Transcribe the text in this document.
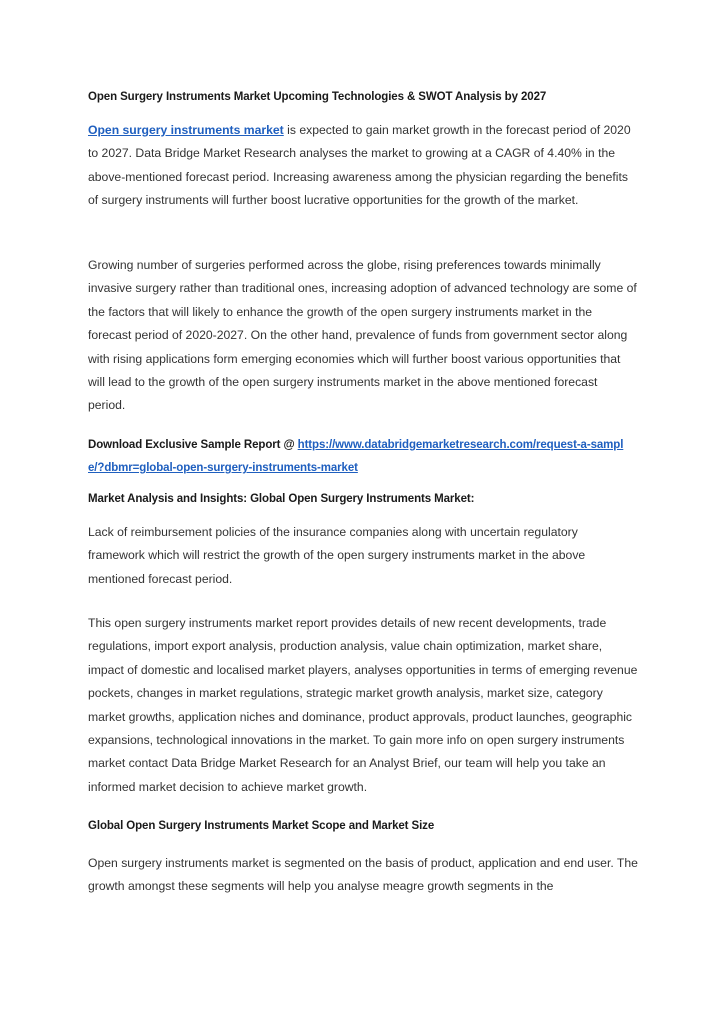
Open Surgery Instruments Market Upcoming Technologies & SWOT Analysis by 2027

Open surgery instruments market is expected to gain market growth in the forecast period of 2020 to 2027. Data Bridge Market Research analyses the market to growing at a CAGR of 4.40% in the above-mentioned forecast period. Increasing awareness among the physician regarding the benefits of surgery instruments will further boost lucrative opportunities for the growth of the market.

Growing number of surgeries performed across the globe, rising preferences towards minimally invasive surgery rather than traditional ones, increasing adoption of advanced technology are some of the factors that will likely to enhance the growth of the open surgery instruments market in the forecast period of 2020-2027. On the other hand, prevalence of funds from government sector along with rising applications form emerging economies which will further boost various opportunities that will lead to the growth of the open surgery instruments market in the above mentioned forecast period.

Download Exclusive Sample Report @ https://www.databridgemarketresearch.com/request-a-sample/?dbmr=global-open-surgery-instruments-market

Market Analysis and Insights: Global Open Surgery Instruments Market:

Lack of reimbursement policies of the insurance companies along with uncertain regulatory framework which will restrict the growth of the open surgery instruments market in the above mentioned forecast period.

This open surgery instruments market report provides details of new recent developments, trade regulations, import export analysis, production analysis, value chain optimization, market share, impact of domestic and localised market players, analyses opportunities in terms of emerging revenue pockets, changes in market regulations, strategic market growth analysis, market size, category market growths, application niches and dominance, product approvals, product launches, geographic expansions, technological innovations in the market. To gain more info on open surgery instruments market contact Data Bridge Market Research for an Analyst Brief, our team will help you take an informed market decision to achieve market growth.

Global Open Surgery Instruments Market Scope and Market Size

Open surgery instruments market is segmented on the basis of product, application and end user. The growth amongst these segments will help you analyse meagre growth segments in the
